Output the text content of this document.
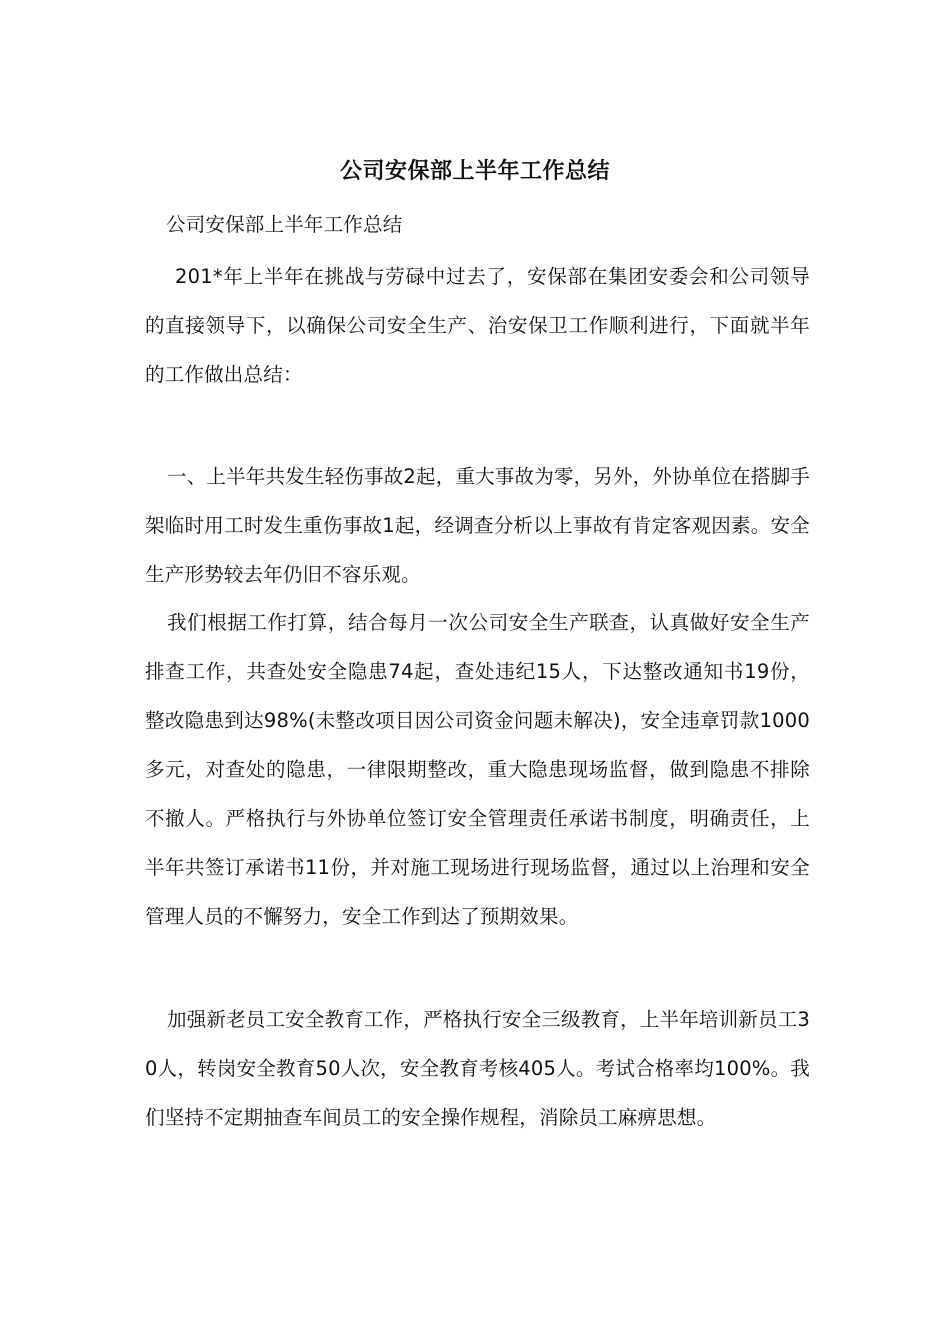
公司安保部上半年工作总结

公司安保部上半年工作总结

201*年上半年在挑战与劳碌中过去了，安保部在集团安委会和公司领导的直接领导下，以确保公司安全生产、治安保卫工作顺利进行，下面就半年的工作做出总结：

一、上半年共发生轻伤事故2起，重大事故为零，另外，外协单位在搭脚手架临时用工时发生重伤事故1起，经调查分析以上事故有肯定客观因素。安全生产形势较去年仍旧不容乐观。

我们根据工作打算，结合每月一次公司安全生产联查，认真做好安全生产排查工作，共查处安全隐患74起，查处违纪15人，下达整改通知书19份，整改隐患到达98%(未整改项目因公司资金问题未解决)，安全违章罚款1000多元，对查处的隐患，一律限期整改，重大隐患现场监督，做到隐患不排除不撤人。严格执行与外协单位签订安全管理责任承诺书制度，明确责任，上半年共签订承诺书11份，并对施工现场进行现场监督，通过以上治理和安全管理人员的不懈努力，安全工作到达了预期效果。

加强新老员工安全教育工作，严格执行安全三级教育，上半年培训新员工30人，转岗安全教育50人次，安全教育考核405人。考试合格率均100%。我们坚持不定期抽查车间员工的安全操作规程，消除员工麻痹思想。
